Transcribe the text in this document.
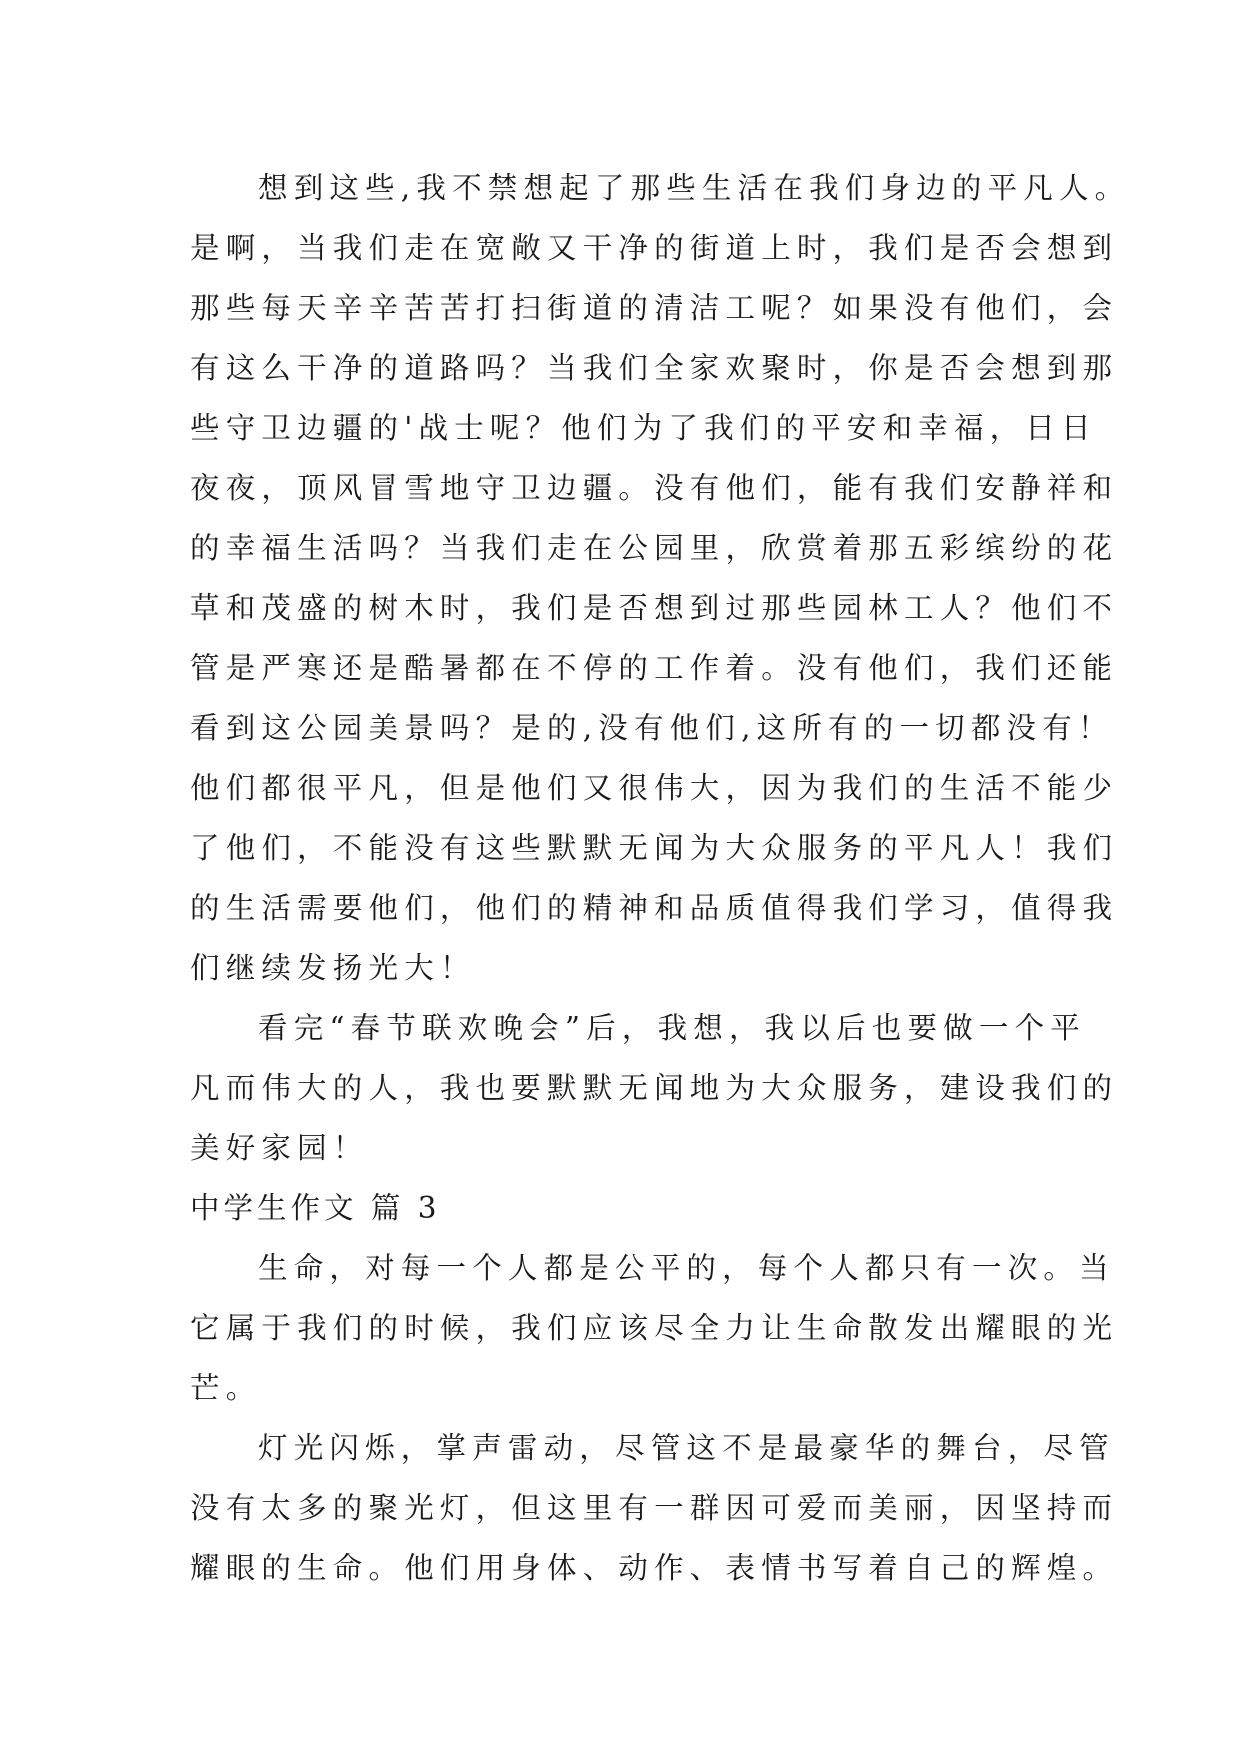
想到这些,我不禁想起了那些生活在我们身边的平凡人。
是啊，当我们走在宽敞又干净的街道上时，我们是否会想到
那些每天辛辛苦苦打扫街道的清洁工呢？如果没有他们，会
有这么干净的道路吗？当我们全家欢聚时，你是否会想到那
些守卫边疆的'战士呢？他们为了我们的平安和幸福，日日
夜夜，顶风冒雪地守卫边疆。没有他们，能有我们安静祥和
的幸福生活吗？当我们走在公园里，欣赏着那五彩缤纷的花
草和茂盛的树木时，我们是否想到过那些园林工人？他们不
管是严寒还是酷暑都在不停的工作着。没有他们，我们还能
看到这公园美景吗？是的,没有他们,这所有的一切都没有！
他们都很平凡，但是他们又很伟大，因为我们的生活不能少
了他们，不能没有这些默默无闻为大众服务的平凡人！我们
的生活需要他们，他们的精神和品质值得我们学习，值得我
们继续发扬光大！
看完“春节联欢晚会”后，我想，我以后也要做一个平
凡而伟大的人，我也要默默无闻地为大众服务，建设我们的
美好家园！
中学生作文 篇 3
生命，对每一个人都是公平的，每个人都只有一次。当
它属于我们的时候，我们应该尽全力让生命散发出耀眼的光
芒。
灯光闪烁，掌声雷动，尽管这不是最豪华的舞台，尽管
没有太多的聚光灯，但这里有一群因可爱而美丽，因坚持而
耀眼的生命。他们用身体、动作、表情书写着自己的辉煌。
